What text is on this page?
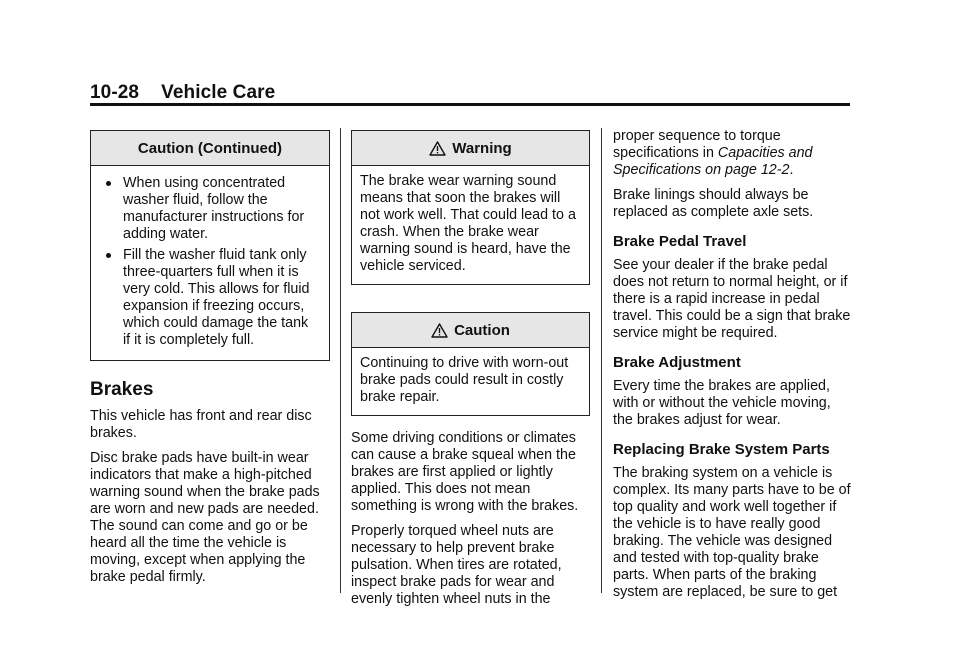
10-28 Vehicle Care
Caution (Continued)
When using concentrated washer fluid, follow the manufacturer instructions for adding water.
Fill the washer fluid tank only three-quarters full when it is very cold. This allows for fluid expansion if freezing occurs, which could damage the tank if it is completely full.
Brakes

This vehicle has front and rear disc brakes.

Disc brake pads have built-in wear indicators that make a high-pitched warning sound when the brake pads are worn and new pads are needed. The sound can come and go or be heard all the time the vehicle is moving, except when applying the brake pedal firmly.

Warning

The brake wear warning sound means that soon the brakes will not work well. That could lead to a crash. When the brake wear warning sound is heard, have the vehicle serviced.

Caution

Continuing to drive with worn-out brake pads could result in costly brake repair.

Some driving conditions or climates can cause a brake squeal when the brakes are first applied or lightly applied. This does not mean something is wrong with the brakes.

Properly torqued wheel nuts are necessary to help prevent brake pulsation. When tires are rotated, inspect brake pads for wear and evenly tighten wheel nuts in the

proper sequence to torque specifications in Capacities and Specifications on page 12-2.

Brake linings should always be replaced as complete axle sets.

Brake Pedal Travel

See your dealer if the brake pedal does not return to normal height, or if there is a rapid increase in pedal travel. This could be a sign that brake service might be required.

Brake Adjustment

Every time the brakes are applied, with or without the vehicle moving, the brakes adjust for wear.

Replacing Brake System Parts

The braking system on a vehicle is complex. Its many parts have to be of top quality and work well together if the vehicle is to have really good braking. The vehicle was designed and tested with top-quality brake parts. When parts of the braking system are replaced, be sure to get
